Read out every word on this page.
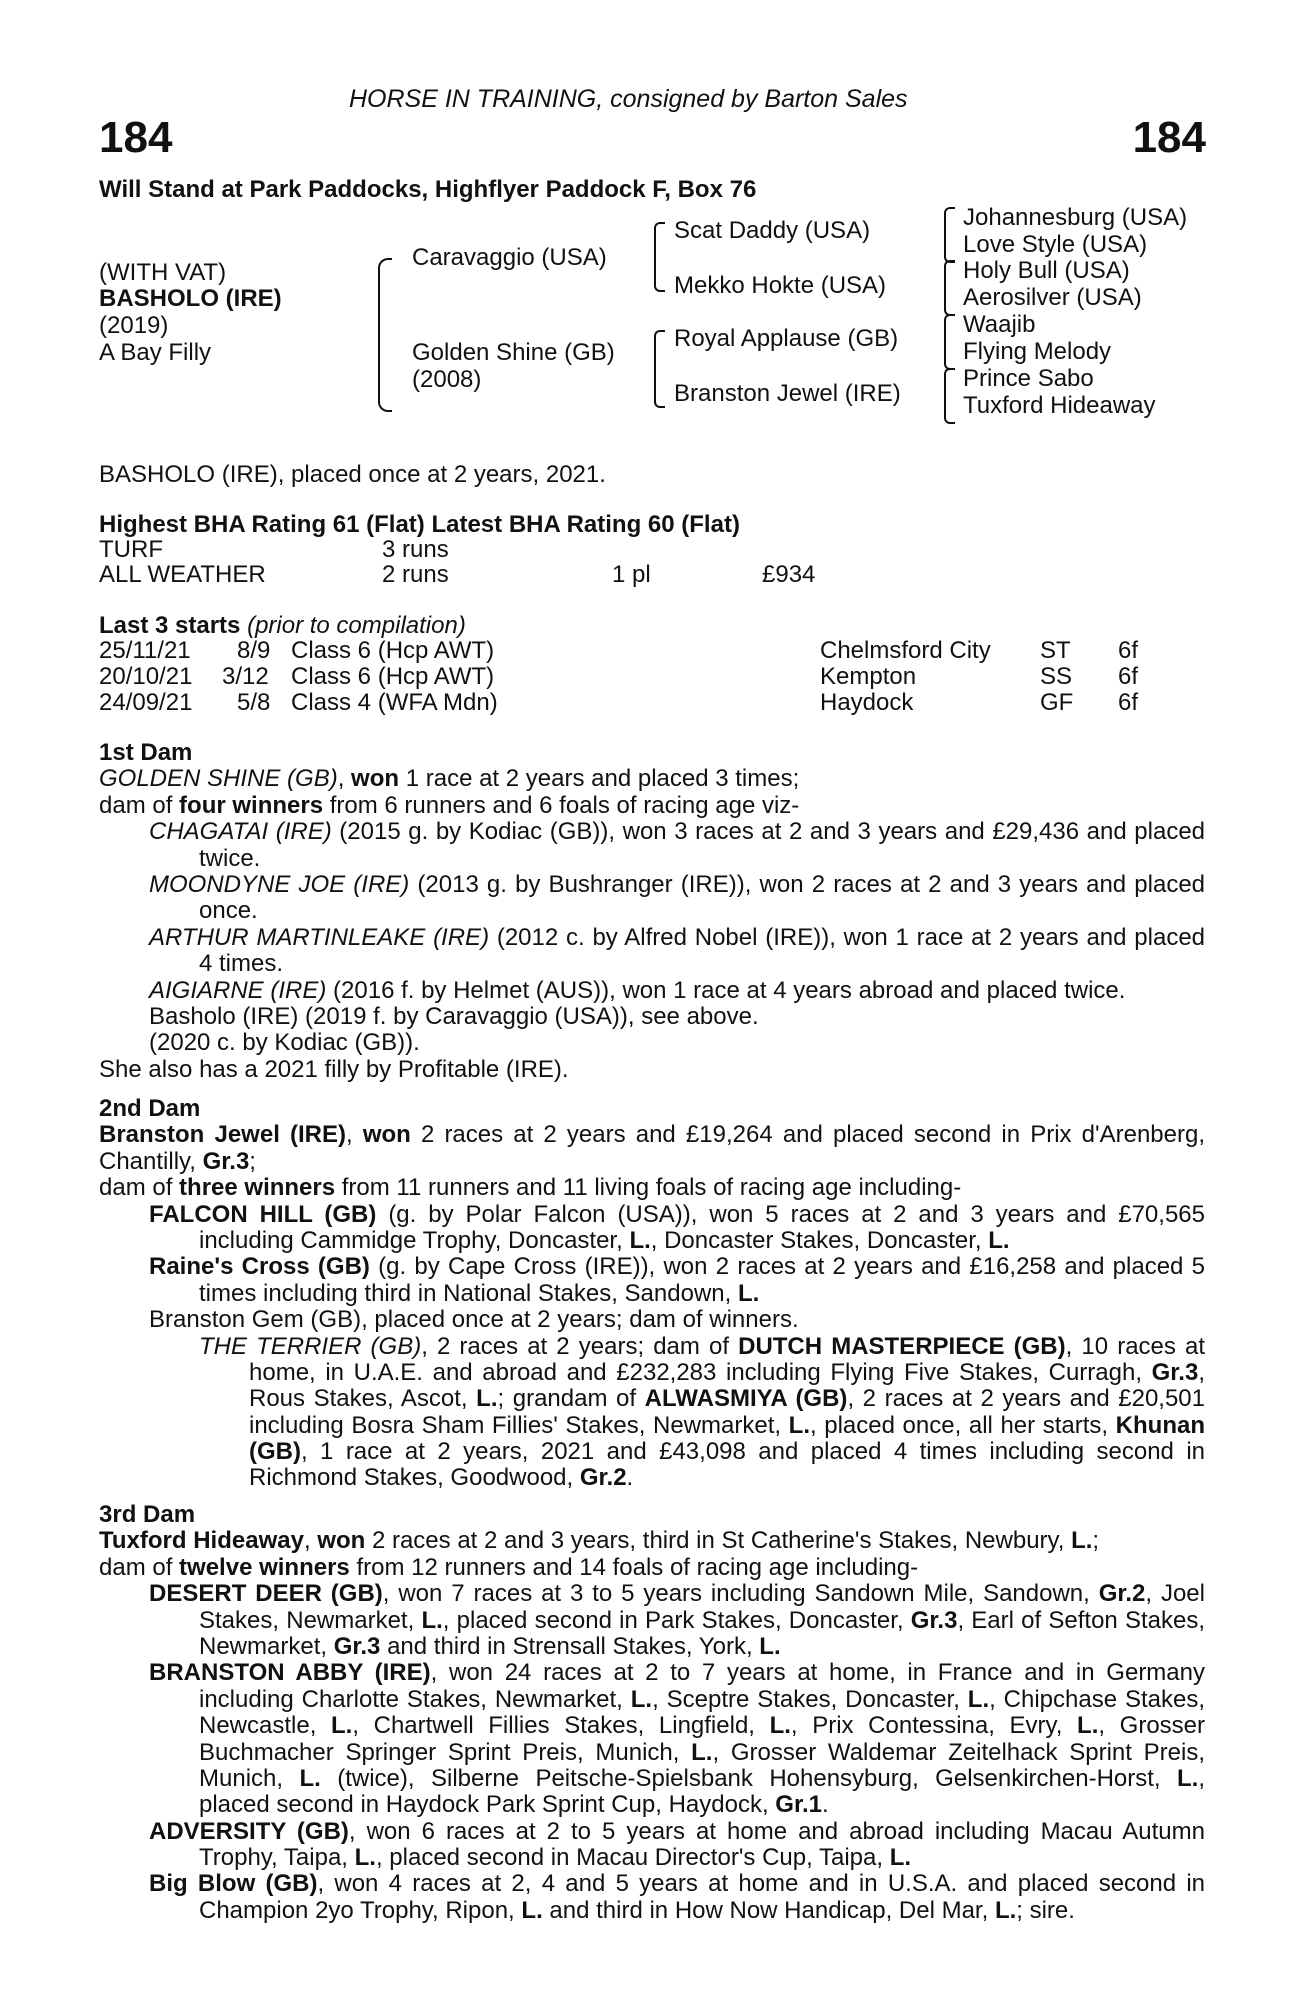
HORSE IN TRAINING, consigned by Barton Sales
184	184
Will Stand at Park Paddocks, Highflyer Paddock F, Box 76
(WITH VAT)
BASHOLO (IRE)
(2019)
A Bay Filly
Caravaggio (USA)
Golden Shine (GB)
(2008)
Scat Daddy (USA)
Mekko Hokte (USA)
Royal Applause (GB)
Branston Jewel (IRE)
Johannesburg (USA)
Love Style (USA)
Holy Bull (USA)
Aerosilver (USA)
Waajib
Flying Melody
Prince Sabo
Tuxford Hideaway
BASHOLO (IRE), placed once at 2 years, 2021.
Highest BHA Rating 61 (Flat) Latest BHA Rating 60 (Flat)
TURF	3 runs
ALL WEATHER	2 runs	1 pl	£934
Last 3 starts (prior to compilation)
25/11/21 8/9 Class 6 (Hcp AWT)	Chelmsford City ST 6f
20/10/21 3/12 Class 6 (Hcp AWT)	Kempton	SS 6f
24/09/21 5/8 Class 4 (WFA Mdn)	Haydock	GF 6f

1st Dam

GOLDEN SHINE (GB), won 1 race at 2 years and placed 3 times;

dam of four winners from 6 runners and 6 foals of racing age viz-

CHAGATAI (IRE) (2015 g. by Kodiac (GB)), won 3 races at 2 and 3 years and £29,436 and placed twice.

MOONDYNE JOE (IRE) (2013 g. by Bushranger (IRE)), won 2 races at 2 and 3 years and placed once.

ARTHUR MARTINLEAKE (IRE) (2012 c. by Alfred Nobel (IRE)), won 1 race at 2 years and placed 4 times.

AIGIARNE (IRE) (2016 f. by Helmet (AUS)), won 1 race at 4 years abroad and placed twice.

Basholo (IRE) (2019 f. by Caravaggio (USA)), see above.

(2020 c. by Kodiac (GB)).

She also has a 2021 filly by Profitable (IRE).

2nd Dam

Branston Jewel (IRE), won 2 races at 2 years and £19,264 and placed second in Prix d'Arenberg, Chantilly, Gr.3;

dam of three winners from 11 runners and 11 living foals of racing age including-

FALCON HILL (GB) (g. by Polar Falcon (USA)), won 5 races at 2 and 3 years and £70,565 including Cammidge Trophy, Doncaster, L., Doncaster Stakes, Doncaster, L.

Raine's Cross (GB) (g. by Cape Cross (IRE)), won 2 races at 2 years and £16,258 and placed 5 times including third in National Stakes, Sandown, L.

Branston Gem (GB), placed once at 2 years; dam of winners.

THE TERRIER (GB), 2 races at 2 years; dam of DUTCH MASTERPIECE (GB), 10 races at home, in U.A.E. and abroad and £232,283 including Flying Five Stakes, Curragh, Gr.3, Rous Stakes, Ascot, L.; grandam of ALWASMIYA (GB), 2 races at 2 years and £20,501 including Bosra Sham Fillies' Stakes, Newmarket, L., placed once, all her starts, Khunan (GB), 1 race at 2 years, 2021 and £43,098 and placed 4 times including second in Richmond Stakes, Goodwood, Gr.2.

3rd Dam

Tuxford Hideaway, won 2 races at 2 and 3 years, third in St Catherine's Stakes, Newbury, L.;

dam of twelve winners from 12 runners and 14 foals of racing age including-

DESERT DEER (GB), won 7 races at 3 to 5 years including Sandown Mile, Sandown, Gr.2, Joel Stakes, Newmarket, L., placed second in Park Stakes, Doncaster, Gr.3, Earl of Sefton Stakes, Newmarket, Gr.3 and third in Strensall Stakes, York, L.

BRANSTON ABBY (IRE), won 24 races at 2 to 7 years at home, in France and in Germany including Charlotte Stakes, Newmarket, L., Sceptre Stakes, Doncaster, L., Chipchase Stakes, Newcastle, L., Chartwell Fillies Stakes, Lingfield, L., Prix Contessina, Evry, L., Grosser Buchmacher Springer Sprint Preis, Munich, L., Grosser Waldemar Zeitelhack Sprint Preis, Munich, L. (twice), Silberne Peitsche-Spielsbank Hohensyburg, Gelsenkirchen-Horst, L., placed second in Haydock Park Sprint Cup, Haydock, Gr.1.

ADVERSITY (GB), won 6 races at 2 to 5 years at home and abroad including Macau Autumn Trophy, Taipa, L., placed second in Macau Director's Cup, Taipa, L.

Big Blow (GB), won 4 races at 2, 4 and 5 years at home and in U.S.A. and placed second in Champion 2yo Trophy, Ripon, L. and third in How Now Handicap, Del Mar, L.; sire.
